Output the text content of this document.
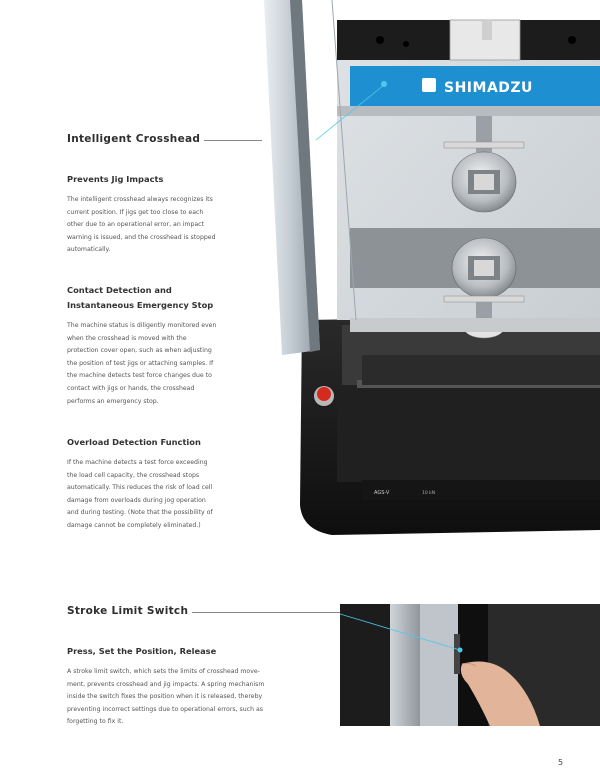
Intelligent Crosshead
Prevents Jig Impacts
The intelligent crosshead always recognizes its
current position. If jigs get too close to each
other due to an operational error, an impact
warning is issued, and the crosshead is stopped
automatically.
Contact Detection and
Instantaneous Emergency Stop
The machine status is diligently monitored even
when the crosshead is moved with the
protection cover open, such as when adjusting
the position of test jigs or attaching samples. If
the machine detects test force changes due to
contact with jigs or hands, the crosshead
performs an emergency stop.
Overload Detection Function
If the machine detects a test force exceeding
the load cell capacity, the crosshead stops
automatically. This reduces the risk of load cell
damage from overloads during jog operation
and during testing. (Note that the possibility of
damage cannot be completely eliminated.)
Stroke Limit Switch
Press, Set the Position, Release
A stroke limit switch, which sets the limits of crosshead move-
ment, prevents crosshead and jig impacts. A spring mechanism
inside the switch fixes the position when it is released, thereby
preventing incorrect settings due to operational errors, such as
forgetting to fix it.
5
AGS-V	10 kN
SHIMADZU
